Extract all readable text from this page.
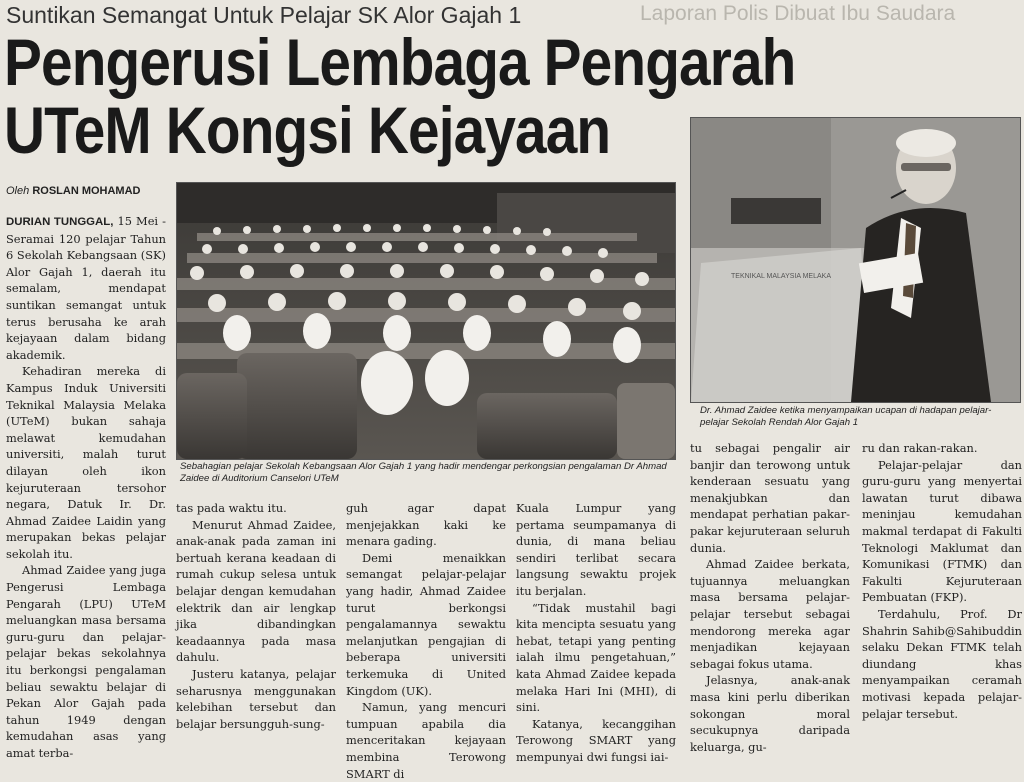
Laporan Polis Dibuat Ibu Saudara
Suntikan Semangat Untuk Pelajar SK Alor Gajah 1
Pengerusi Lembaga Pengarah
UTeM Kongsi Kejayaan
Oleh ROSLAN MOHAMAD
Sebahagian pelajar Sekolah Kebangsaan Alor Gajah 1 yang hadir mendengar perkongsian pengalaman Dr Ahmad Zaidee di Auditorium Canselori UTeM
TEKNIKAL MALAYSIA MELAKA
Dr. Ahmad Zaidee ketika menyampaikan ucapan di hadapan pelajar-pelajar Sekolah Rendah Alor Gajah 1

DURIAN TUNGGAL, 15 Mei - Seramai 120 pelajar Tahun 6 Sekolah Kebangsaan (SK) Alor Gajah 1, daerah itu semalam, mendapat suntikan semangat untuk terus berusaha ke arah kejayaan dalam bidang akademik.

Kehadiran mereka di Kampus Induk Universiti Teknikal Malaysia Melaka (UTeM) bukan sahaja melawat kemudahan universiti, malah turut dilayan oleh ikon kejuruteraan tersohor negara, Datuk Ir. Dr. Ahmad Zaidee Laidin yang merupakan bekas pelajar sekolah itu.

Ahmad Zaidee yang juga Pengerusi Lembaga Pengarah (LPU) UTeM meluangkan masa bersama guru-guru dan pelajar-pelajar bekas sekolahnya itu berkongsi pengalaman beliau sewaktu belajar di Pekan Alor Gajah pada tahun 1949 dengan kemudahan asas yang amat terba-

tas pada waktu itu.

Menurut Ahmad Zaidee, anak-anak pada zaman ini bertuah kerana keadaan di rumah cukup selesa untuk belajar dengan kemudahan elektrik dan air lengkap jika dibandingkan keadaannya pada masa dahulu.

Justeru katanya, pelajar seharusnya menggunakan kelebihan tersebut dan belajar bersungguh-sung-

guh agar dapat menjejakkan kaki ke menara gading.

Demi menaikkan semangat pelajar-pelajar yang hadir, Ahmad Zaidee turut berkongsi pengalamannya sewaktu melanjutkan pengajian di beberapa universiti terkemuka di United Kingdom (UK).

Namun, yang mencuri tumpuan apabila dia menceritakan kejayaan membina Terowong SMART di

Kuala Lumpur yang pertama seumpamanya di dunia, di mana beliau sendiri terlibat secara langsung sewaktu projek itu berjalan.

“Tidak mustahil bagi kita mencipta sesuatu yang hebat, tetapi yang penting ialah ilmu pengetahuan,” kata Ahmad Zaidee kepada melaka Hari Ini (MHI), di sini.

Katanya, kecanggihan Terowong SMART yang mempunyai dwi fungsi iai-

tu sebagai pengalir air banjir dan terowong untuk kenderaan sesuatu yang menakjubkan dan mendapat perhatian pakar-pakar kejuruteraan seluruh dunia.

Ahmad Zaidee berkata, tujuannya meluangkan masa bersama pelajar-pelajar tersebut sebagai mendorong mereka agar menjadikan kejayaan sebagai fokus utama.

Jelasnya, anak-anak masa kini perlu diberikan sokongan moral secukupnya daripada keluarga, gu-

ru dan rakan-rakan.

Pelajar-pelajar dan guru-guru yang menyertai lawatan turut dibawa meninjau kemudahan makmal terdapat di Fakulti Teknologi Maklumat dan Komunikasi (FTMK) dan Fakulti Kejuruteraan Pembuatan (FKP).

Terdahulu, Prof. Dr Shahrin Sahib@Sahibuddin selaku Dekan FTMK telah diundang khas menyampaikan ceramah motivasi kepada pelajar-pelajar tersebut.
